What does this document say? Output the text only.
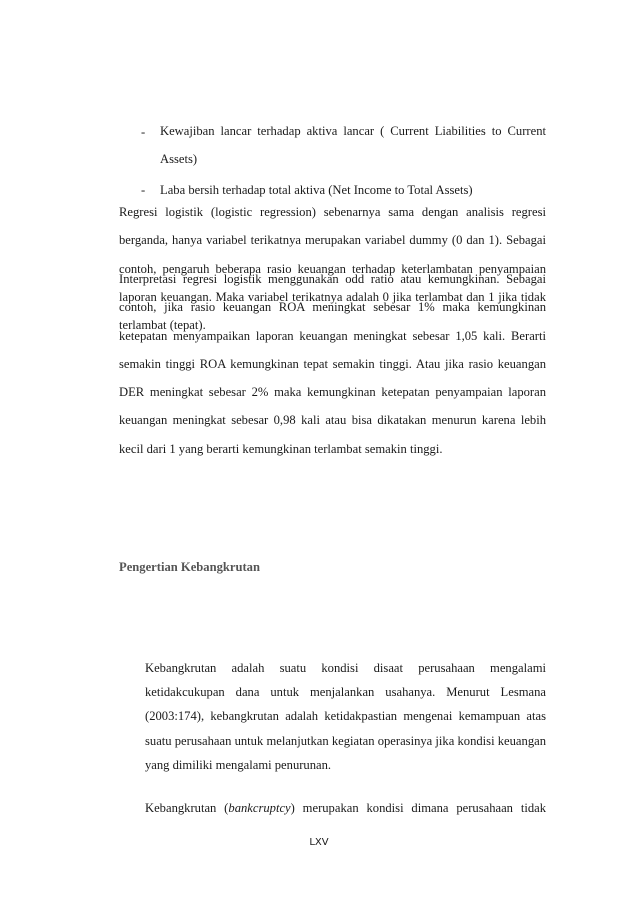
- Kewajiban lancar terhadap aktiva lancar ( Current Liabilities to Current Assets)
- Laba bersih terhadap total aktiva (Net Income to Total Assets)
Regresi logistik (logistic regression) sebenarnya sama dengan analisis regresi berganda, hanya variabel terikatnya merupakan variabel dummy (0 dan 1). Sebagai contoh, pengaruh beberapa rasio keuangan terhadap keterlambatan penyampaian laporan keuangan. Maka variabel terikatnya adalah 0 jika terlambat dan 1 jika tidak terlambat (tepat).
Interpretasi regresi logistik menggunakan odd ratio atau kemungkinan. Sebagai contoh, jika rasio keuangan ROA meningkat sebesar 1% maka kemungkinan ketepatan menyampaikan laporan keuangan meningkat sebesar 1,05 kali. Berarti semakin tinggi ROA kemungkinan tepat semakin tinggi. Atau jika rasio keuangan DER meningkat sebesar 2% maka kemungkinan ketepatan penyampaian laporan keuangan meningkat sebesar 0,98 kali atau bisa dikatakan menurun karena lebih kecil dari 1 yang berarti kemungkinan terlambat semakin tinggi.
Pengertian Kebangkrutan
Kebangkrutan adalah suatu kondisi disaat perusahaan mengalami ketidakcukupan dana untuk menjalankan usahanya. Menurut Lesmana (2003:174), kebangkrutan adalah ketidakpastian mengenai kemampuan atas suatu perusahaan untuk melanjutkan kegiatan operasinya jika kondisi keuangan yang dimiliki mengalami penurunan.
Kebangkrutan (bankcruptcy) merupakan kondisi dimana perusahaan tidak
LXV
